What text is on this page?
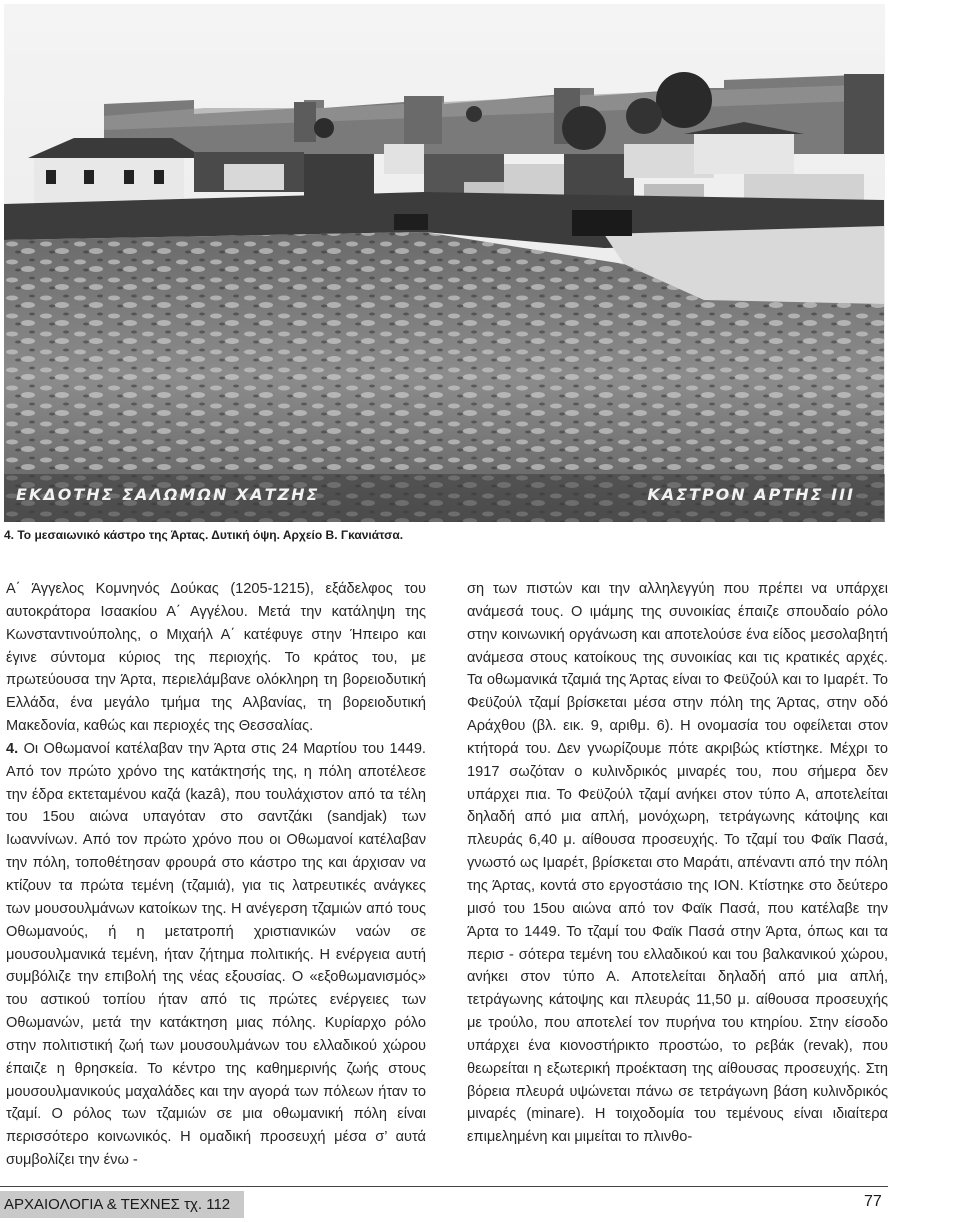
ΕΚΔΟΤΗΣ ΣΑΛΩΜΩΝ ΧΑΤΖΗΣ	ΚΑΣΤΡΟΝ ΑΡΤΗΣ III
4. Το μεσαιωνικό κάστρο της Άρτας. Δυτική όψη. Αρχείο Β. Γκανιάτσα.

Α΄ Άγγελος Κομνηνός Δούκας (1205-1215), εξάδελφος του αυτοκράτορα Ισαακίου Α΄ Αγγέλου. Μετά την κατάληψη της Κωνσταντινούπολης, ο Μιχαήλ Α΄ κατέφυγε στην Ήπειρο και έγινε σύντομα κύριος της περιοχής. Το κράτος του, με πρωτεύουσα την Άρτα, περιελάμβανε ολόκληρη τη βορειοδυτική Ελλάδα, ένα μεγάλο τμήμα της Αλβανίας, τη βορειοδυτική Μακεδονία, καθώς και περιοχές της Θεσσαλίας.

4. Οι Οθωμανοί κατέλαβαν την Άρτα στις 24 Μαρτίου του 1449. Από τον πρώτο χρόνο της κατάκτησής της, η πόλη αποτέλεσε την έδρα εκτεταμένου καζά (kazâ), που τουλάχιστον από τα τέλη του 15ου αιώνα υπαγόταν στο σαντζάκι (sandjak) των Ιωαννίνων. Από τον πρώτο χρόνο που οι Οθωμανοί κατέλαβαν την πόλη, τοποθέτησαν φρουρά στο κάστρο της και άρχισαν να κτίζουν τα πρώτα τεμένη (τζαμιά), για τις λατρευτικές ανάγκες των μουσουλμάνων κατοίκων της. Η ανέγερση τζαμιών από τους Οθωμανούς, ή η μετατροπή χριστιανικών ναών σε μουσουλμανικά τεμένη, ήταν ζήτημα πολιτικής. Η ενέργεια αυτή συμβόλιζε την επιβολή της νέας εξουσίας. Ο «εξοθωμανισμός» του αστικού τοπίου ήταν από τις πρώτες ενέργειες των Οθωμανών, μετά την κατάκτηση μιας πόλης. Κυρίαρχο ρόλο στην πολιτιστική ζωή των μουσουλμάνων του ελλαδικού χώρου έπαιζε η θρησκεία. Το κέντρο της καθημερινής ζωής στους μουσουλμανικούς μαχαλάδες και την αγορά των πόλεων ήταν το τζαμί. Ο ρόλος των τζαμιών σε μια οθωμανική πόλη είναι περισσότερο κοινωνικός. Η ομαδική προσευχή μέσα σ’ αυτά συμβολίζει την ένω -

ση των πιστών και την αλληλεγγύη που πρέπει να υπάρχει ανάμεσά τους. Ο ιμάμης της συνοικίας έπαιζε σπουδαίο ρόλο στην κοινωνική οργάνωση και αποτελούσε ένα είδος μεσολαβητή ανάμεσα στους κατοίκους της συνοικίας και τις κρατικές αρχές. Τα οθωμανικά τζαμιά της Άρτας είναι το Φεϋζούλ και το Ιμαρέτ. Το Φεϋζούλ τζαμί βρίσκεται μέσα στην πόλη της Άρτας, στην οδό Αράχθου (βλ. εικ. 9, αριθμ. 6). Η ονομασία του οφείλεται στον κτήτορά του. Δεν γνωρίζουμε πότε ακριβώς κτίστηκε. Μέχρι το 1917 σωζόταν ο κυλινδρικός μιναρές του, που σήμερα δεν υπάρχει πια. Το Φεϋζούλ τζαμί ανήκει στον τύπο Α, αποτελείται δηλαδή από μια απλή, μονόχωρη, τετράγωνης κάτοψης και πλευράς 6,40 μ. αίθουσα προσευχής. Το τζαμί του Φαϊκ Πασά, γνωστό ως Ιμαρέτ, βρίσκεται στο Μαράτι, απέναντι από την πόλη της Άρτας, κοντά στο εργοστάσιο της ΙΟΝ. Κτίστηκε στο δεύτερο μισό του 15ου αιώνα από τον Φαϊκ Πασά, που κατέλαβε την Άρτα το 1449. Το τζαμί του Φαϊκ Πασά στην Άρτα, όπως και τα περισ - σότερα τεμένη του ελλαδικού και του βαλκανικού χώρου, ανήκει στον τύπο Α. Αποτελείται δηλαδή από μια απλή, τετράγωνης κάτοψης και πλευράς 11,50 μ. αίθουσα προσευχής με τρούλο, που αποτελεί τον πυρήνα του κτηρίου. Στην είσοδο υπάρχει ένα κιονοστήρικτο προστώο, το ρεβάκ (revak), που θεωρείται η εξωτερική προέκταση της αίθουσας προσευχής. Στη βόρεια πλευρά υψώνεται πάνω σε τετράγωνη βάση κυλινδρικός μιναρές (minare). Η τοιχοδομία του τεμένους είναι ιδιαίτερα επιμελημένη και μιμείται το πλινθο-

ΑΡΧΑΙΟΛΟΓΙΑ & ΤΕΧΝΕΣ τχ. 112	77
